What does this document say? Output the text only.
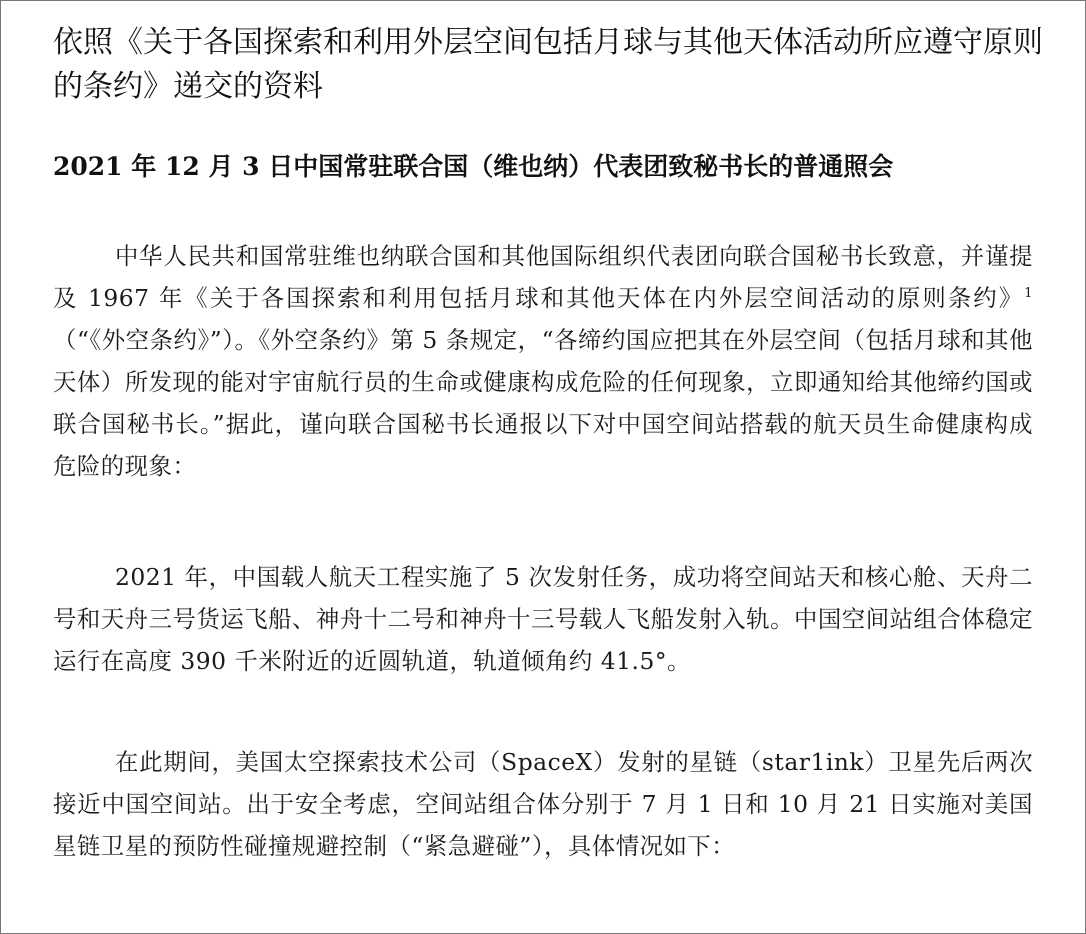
依照《关于各国探索和利用外层空间包括月球与其他天体活动所应遵守原则的条约》递交的资料
2021 年 12 月 3 日中国常驻联合国（维也纳）代表团致秘书长的普通照会

中华人民共和国常驻维也纳联合国和其他国际组织代表团向联合国秘书长致意，并谨提及 1967 年《关于各国探索和利用包括月球和其他天体在内外层空间活动的原则条约》$^1$（“《外空条约》”）。《外空条约》第 5 条规定，“各缔约国应把其在外层空间（包括月球和其他天体）所发现的能对宇宙航行员的生命或健康构成危险的任何现象，立即通知给其他缔约国或联合国秘书长。”据此，谨向联合国秘书长通报以下对中国空间站搭载的航天员生命健康构成危险的现象：

2021 年，中国载人航天工程实施了 5 次发射任务，成功将空间站天和核心舱、天舟二号和天舟三号货运飞船、神舟十二号和神舟十三号载人飞船发射入轨。中国空间站组合体稳定运行在高度 390 千米附近的近圆轨道，轨道倾角约 41.5°。

在此期间，美国太空探索技术公司（SpaceX）发射的星链（star1ink）卫星先后两次接近中国空间站。出于安全考虑，空间站组合体分别于 7 月 1 日和 10 月 21 日实施对美国星链卫星的预防性碰撞规避控制（“紧急避碰”），具体情况如下：
